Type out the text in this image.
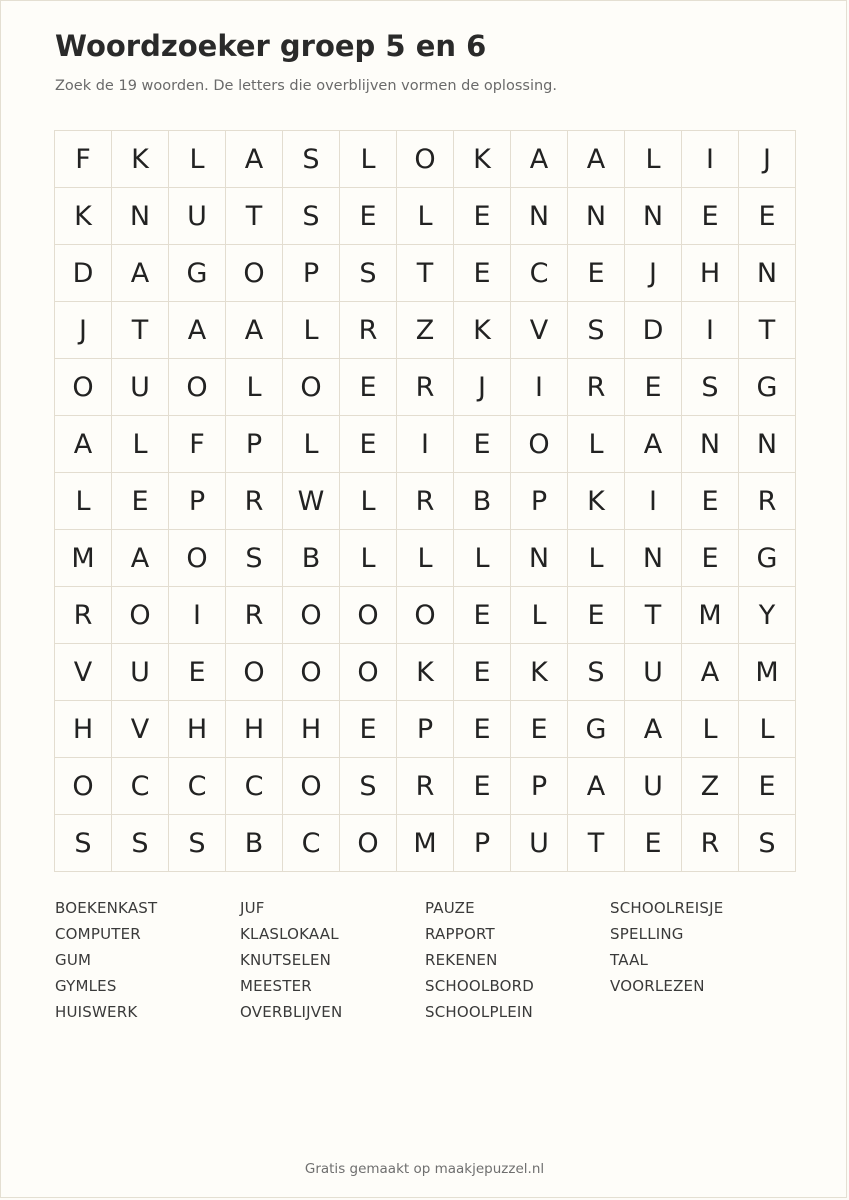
Woordzoeker groep 5 en 6
Zoek de 19 woorden. De letters die overblijven vormen de oplossing.
F	K	L	A	S	L	O	K	A	A	L	I	J
K	N	U	T	S	E	L	E	N	N	N	E	E
D	A	G	O	P	S	T	E	C	E	J	H	N
J	T	A	A	L	R	Z	K	V	S	D	I	T
O	U	O	L	O	E	R	J	I	R	E	S	G
A	L	F	P	L	E	I	E	O	L	A	N	N
L	E	P	R	W	L	R	B	P	K	I	E	R
M	A	O	S	B	L	L	L	N	L	N	E	G
R	O	I	R	O	O	O	E	L	E	T	M	Y
V	U	E	O	O	O	K	E	K	S	U	A	M
H	V	H	H	H	E	P	E	E	G	A	L	L
O	C	C	C	O	S	R	E	P	A	U	Z	E
S	S	S	B	C	O	M	P	U	T	E	R	S
BOEKENKAST
COMPUTER
GUM
GYMLES
HUISWERK
JUF
KLASLOKAAL
KNUTSELEN
MEESTER
OVERBLIJVEN
PAUZE
RAPPORT
REKENEN
SCHOOLBORD
SCHOOLPLEIN
SCHOOLREISJE
SPELLING
TAAL
VOORLEZEN
Gratis gemaakt op maakjepuzzel.nl
